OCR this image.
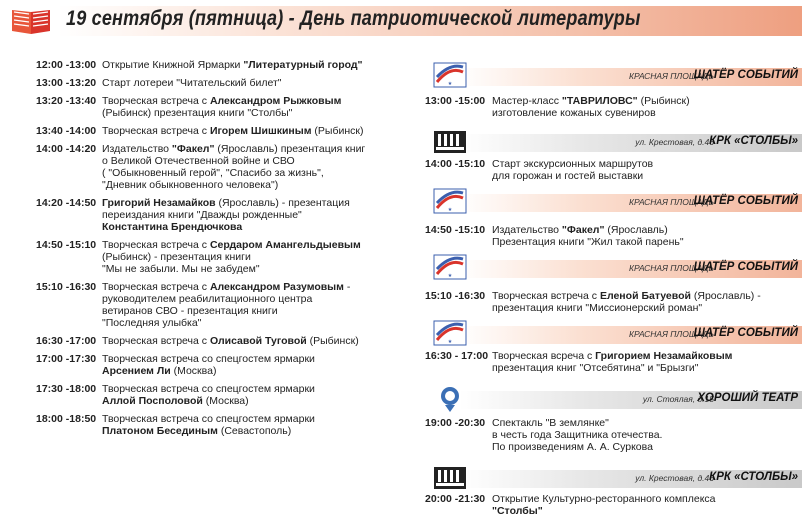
19 сентября (пятница) - День патриотической литературы
12:00 -13:00 Открытие Книжной Ярмарки "Литературный город"
13:00 -13:20 Старт лотереи "Читательский билет"
13:20 -13:40 Творческая встреча с Александром Рыжковым
(Рыбинск) презентация книги "Столбы"
13:40 -14:00 Творческая встреча с Игорем Шишкиным (Рыбинск)
14:00 -14:20 Издательство "Факел" (Ярославль) презентация книг
о Великой Отечественной войне и СВО
( "Обыкновенный герой", "Спасибо за жизнь",
"Дневник обыкновенного человека")
14:20 -14:50 Григорий Незамайков (Ярославль) - презентация
переиздания книги "Дважды рожденные"
Константина Брендючкова
14:50 -15:10 Творческая встреча с Сердаром Амангельдыевым
(Рыбинск) - презентация книги
"Мы не забыли. Мы не забудем"
15:10 -16:30 Творческая встреча с Александром Разумовым -
руководителем реабилитационного центра
ветиранов СВО - презентация книги
"Последняя улыбка"
16:30 -17:00 Творческая встреча с Олисавой Туговой (Рыбинск)
17:00 -17:30 Творческая встреча со спецгостем ярмарки
Арсением Ли (Москва)
17:30 -18:00 Творческая встреча со спецгостем ярмарки
Аллой Посполовой (Москва)
18:00 -18:50 Творческая встреча со спецгостем ярмарки
Платоном Бесединым (Севастополь)
★
КРАСНАЯ ПЛОЩАДЬ
ШАТЁР СОБЫТИЙ
13:00 -15:00 Мастер-класс "ТАВРИЛОВС" (Рыбинск)
изготовление кожаных сувениров
ул. Крестовая, д.46
КРК «СТОЛБЫ»
14:00 -15:10 Старт экскурсионных маршрутов
для горожан и гостей выставки
★
КРАСНАЯ ПЛОЩАДЬ
ШАТЁР СОБЫТИЙ
14:50 -15:10 Издательство "Факел" (Ярославль)
Презентация книги "Жил такой парень"
★
КРАСНАЯ ПЛОЩАДЬ
ШАТЁР СОБЫТИЙ
15:10 -16:30 Творческая встреча с Еленой Батуевой (Ярославль) -
презентация книги "Миссионерский роман"
★
КРАСНАЯ ПЛОЩАДЬ
ШАТЁР СОБЫТИЙ
16:30 - 17:00 Творческая всреча с Григорием Незамайковым
презентация книг "Отсебятина" и "Брызги"
ул. Стоялая, д.15
ХОРОШИЙ ТЕАТР
19:00 -20:30 Спектакль "В землянке"
в честь года Защитника отечества.
По произведениям А. А. Суркова
ул. Крестовая, д.46
КРК «СТОЛБЫ»
20:00 -21:30 Открытие Культурно-ресторанного комплекса
"Столбы"
